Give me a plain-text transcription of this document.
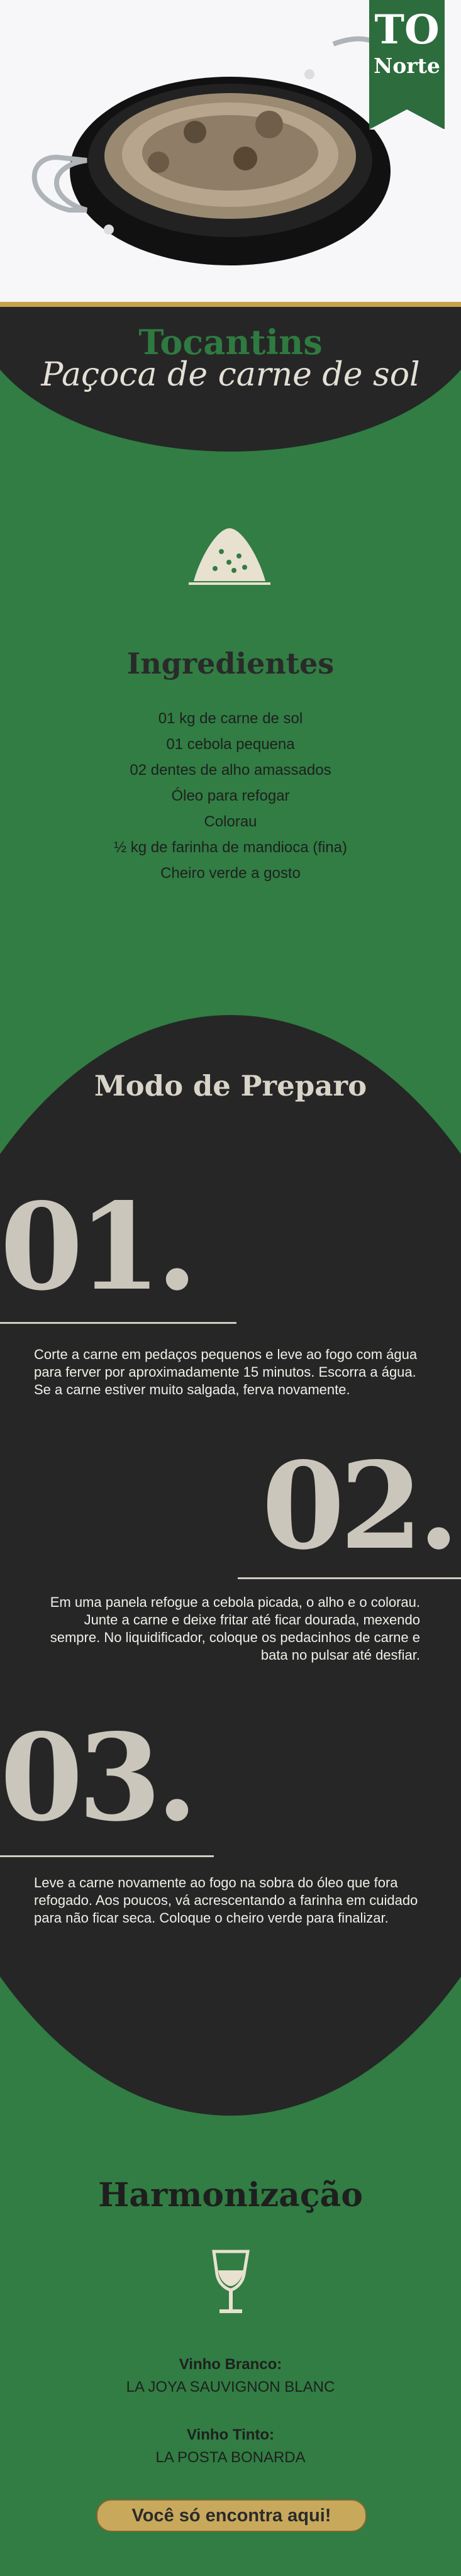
TO
Norte
Tocantins
Paçoca de carne de sol
Ingredientes
01 kg de carne de sol
01 cebola pequena
02 dentes de alho amassados
Óleo para refogar
Colorau
½ kg de farinha de mandioca (fina)
Cheiro verde a gosto
Modo de Preparo
01.
Corte a carne em pedaços pequenos e leve ao fogo com água para ferver por aproximadamente 15 minutos. Escorra a água. Se a carne estiver muito salgada, ferva novamente.
02.
Em uma panela refogue a cebola picada, o alho e o colorau. Junte a carne e deixe fritar até ficar dourada, mexendo sempre. No liquidificador, coloque os pedacinhos de carne e bata no pulsar até desfiar.
03.
Leve a carne novamente ao fogo na sobra do óleo que fora refogado. Aos poucos, vá acrescentando a farinha em cuidado para não ficar seca. Coloque o cheiro verde para finalizar.
Harmonização
Vinho Branco:
LA JOYA SAUVIGNON BLANC
Vinho Tinto:
LA POSTA BONARDA
Você só encontra aqui!
